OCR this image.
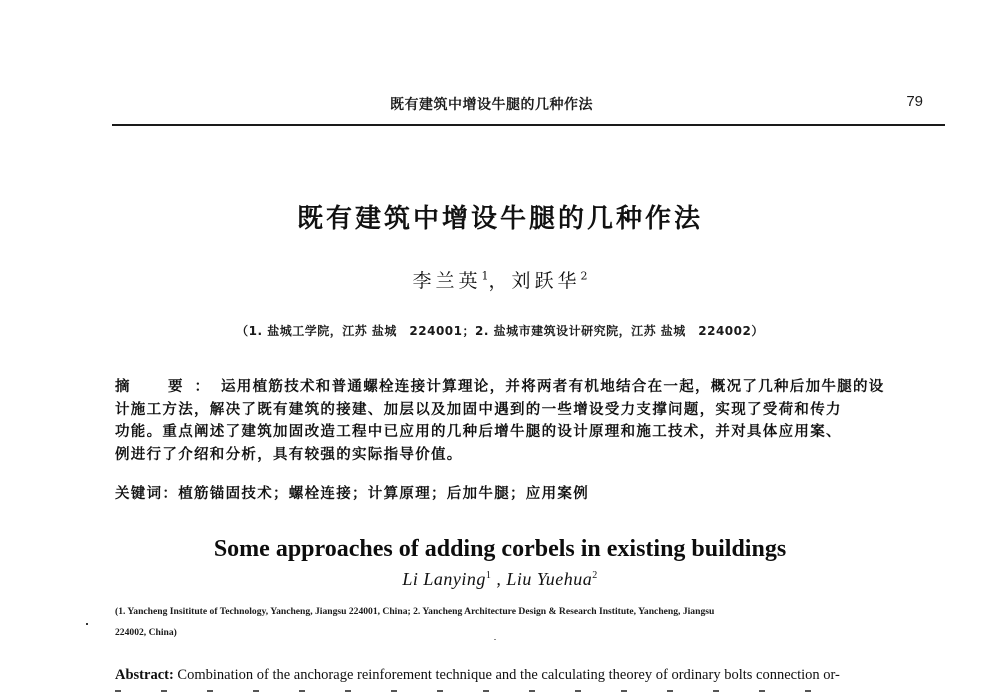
既有建筑中增设牛腿的几种作法	79
既有建筑中增设牛腿的几种作法
李兰英$^1$，刘跃华$^2$
（1. 盐城工学院，江苏 盐城　224001；2. 盐城市建筑设计研究院，江苏 盐城　224002）
摘　要：运用植筋技术和普通螺栓连接计算理论，并将两者有机地结合在一起，概况了几种后加牛腿的设
计施工方法，解决了既有建筑的接建、加层以及加固中遇到的一些增设受力支撑问题，实现了受荷和传力
功能。重点阐述了建筑加固改造工程中已应用的几种后增牛腿的设计原理和施工技术，并对具体应用案、
例进行了介绍和分析，具有较强的实际指导价值。
关键词：植筋锚固技术；螺栓连接；计算原理；后加牛腿；应用案例
Some approaches of adding corbels in existing buildings
Li Lanying$^1$ , Liu Yuehua$^2$
(1. Yancheng Insititute of Technology, Yancheng, Jiangsu 224001, China; 2. Yancheng Architecture Design & Research Institute, Yancheng, Jiangsu
224002, China)
Abstract: Combination of the anchorage reinforement technique and the calculating theorey of ordinary bolts connection or-
